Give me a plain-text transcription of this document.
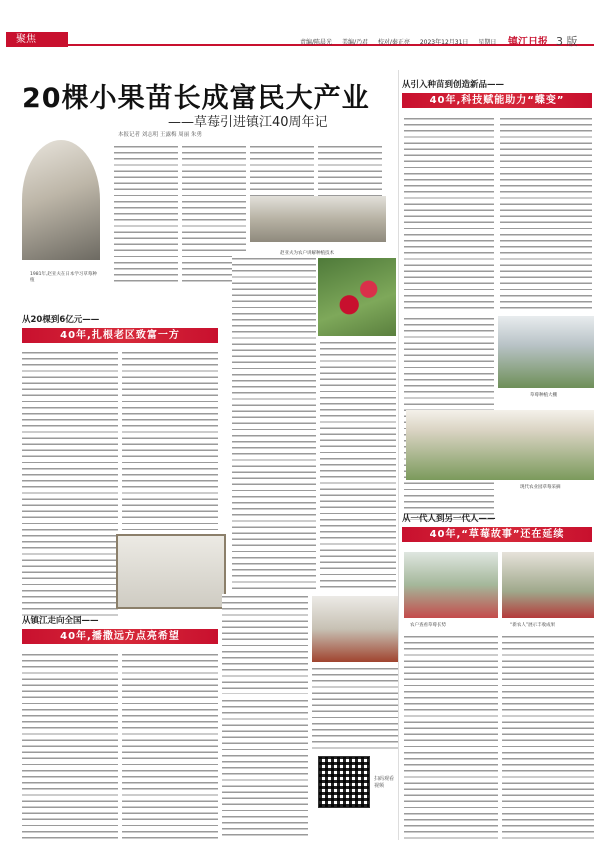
聚焦	责编/陈晨光 美编/乃君 校对/秦正亮 2023年12月31日 星期日	镇江日报 3 版
20棵小果苗长成富民大产业
——草莓引进镇江40周年记
本报记者 刘志明 王露梅 周丽 朱勇
1981年,赵亚夫在日本学习草莓种植
赵亚夫为农户讲解种植技术
从引入种苗到创造新品——
40年,科技赋能助力“蝶变”
从20棵到6亿元——
40年,扎根老区致富一方
草莓种植大棚
现代农业园草莓采摘
从一代人到另一代人——
40年,“草莓故事”还在延续
农户查看草莓长势	“新农人”展示丰收成果
从镇江走向全国——
40年,播撒远方点亮希望
扫码观看视频
